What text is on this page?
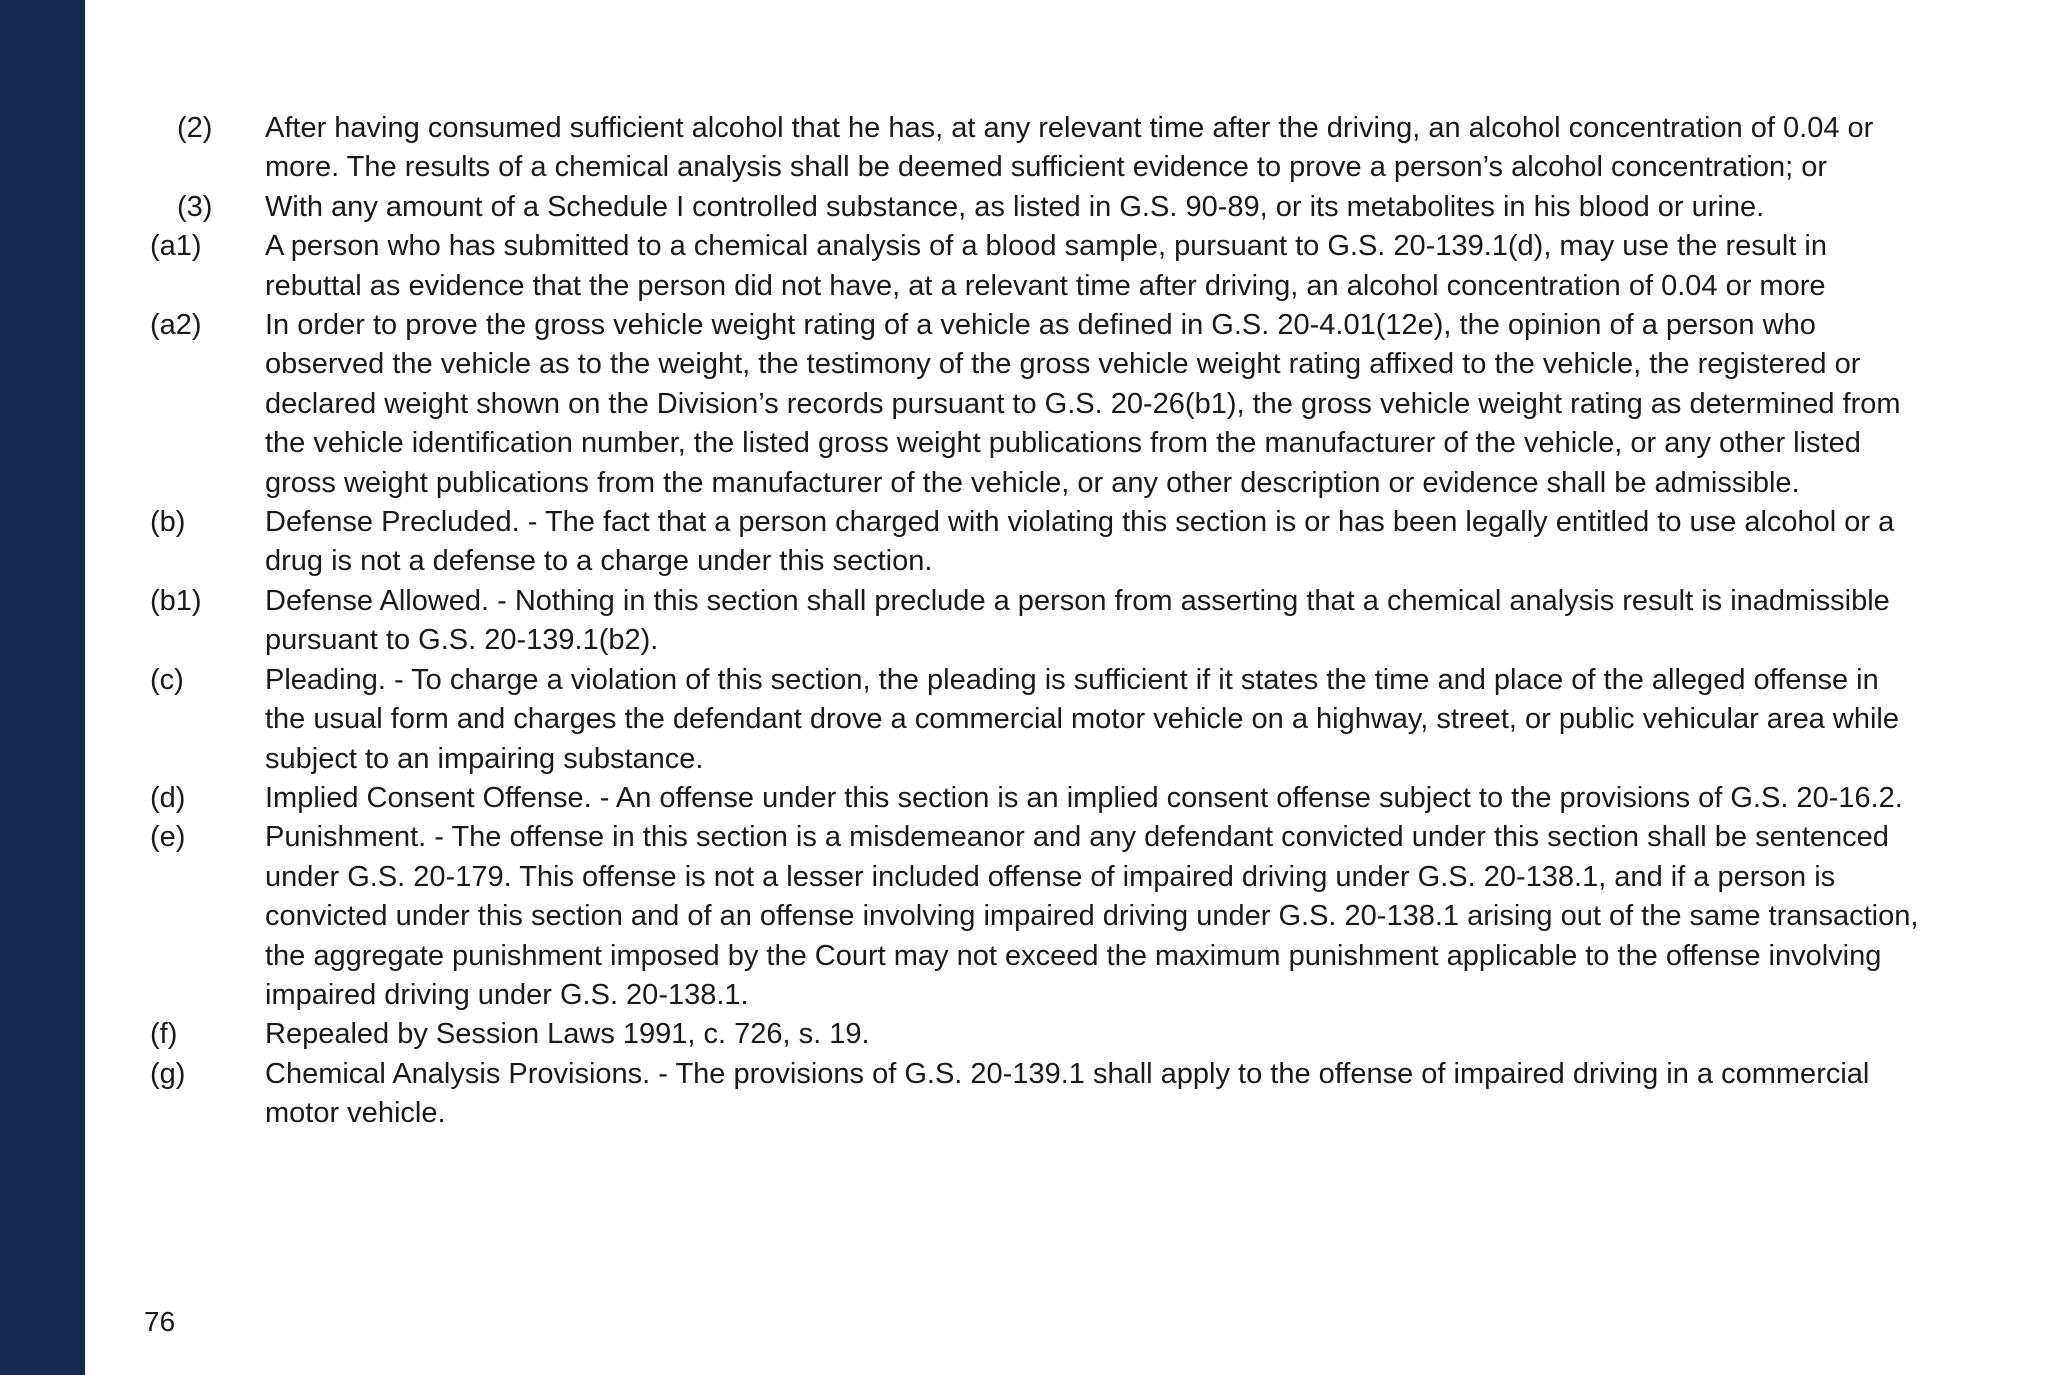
(2)	After having consumed sufficient alcohol that he has, at any relevant time after the driving, an alcohol concentration of 0.04 or more. The results of a chemical analysis shall be deemed sufficient evidence to prove a person’s alcohol concentration; or
(3)	With any amount of a Schedule I controlled substance, as listed in G.S. 90-89, or its metabolites in his blood or urine.
(a1)	A person who has submitted to a chemical analysis of a blood sample, pursuant to G.S. 20-139.1(d), may use the result in rebuttal as evidence that the person did not have, at a relevant time after driving, an alcohol concentration of 0.04 or more
(a2)	In order to prove the gross vehicle weight rating of a vehicle as defined in G.S. 20-4.01(12e), the opinion of a person who observed the vehicle as to the weight, the testimony of the gross vehicle weight rating affixed to the vehicle, the registered or declared weight shown on the Division’s records pursuant to G.S. 20-26(b1), the gross vehicle weight rating as determined from the vehicle identification number, the listed gross weight publications from the manufacturer of the vehicle, or any other listed gross weight publications from the manufacturer of the vehicle, or any other description or evidence shall be admissible.
(b)	Defense Precluded. - The fact that a person charged with violating this section is or has been legally entitled to use alcohol or a drug is not a defense to a charge under this section.
(b1)	Defense Allowed. - Nothing in this section shall preclude a person from asserting that a chemical analysis result is inadmissible pursuant to G.S. 20-139.1(b2).
(c)	Pleading. - To charge a violation of this section, the pleading is sufficient if it states the time and place of the alleged offense in the usual form and charges the defendant drove a commercial motor vehicle on a highway, street, or public vehicular area while subject to an impairing substance.
(d)	Implied Consent Offense. - An offense under this section is an implied consent offense subject to the provisions of G.S. 20-16.2.
(e)	Punishment. - The offense in this section is a misdemeanor and any defendant convicted under this section shall be sentenced under G.S. 20-179. This offense is not a lesser included offense of impaired driving under G.S. 20-138.1, and if a person is convicted under this section and of an offense involving impaired driving under G.S. 20-138.1 arising out of the same transaction, the aggregate punishment imposed by the Court may not exceed the maximum punishment applicable to the offense involving impaired driving under G.S. 20-138.1.
(f)	Repealed by Session Laws 1991, c. 726, s. 19.
(g)	Chemical Analysis Provisions. - The provisions of G.S. 20-139.1 shall apply to the offense of impaired driving in a commercial motor vehicle.
76
